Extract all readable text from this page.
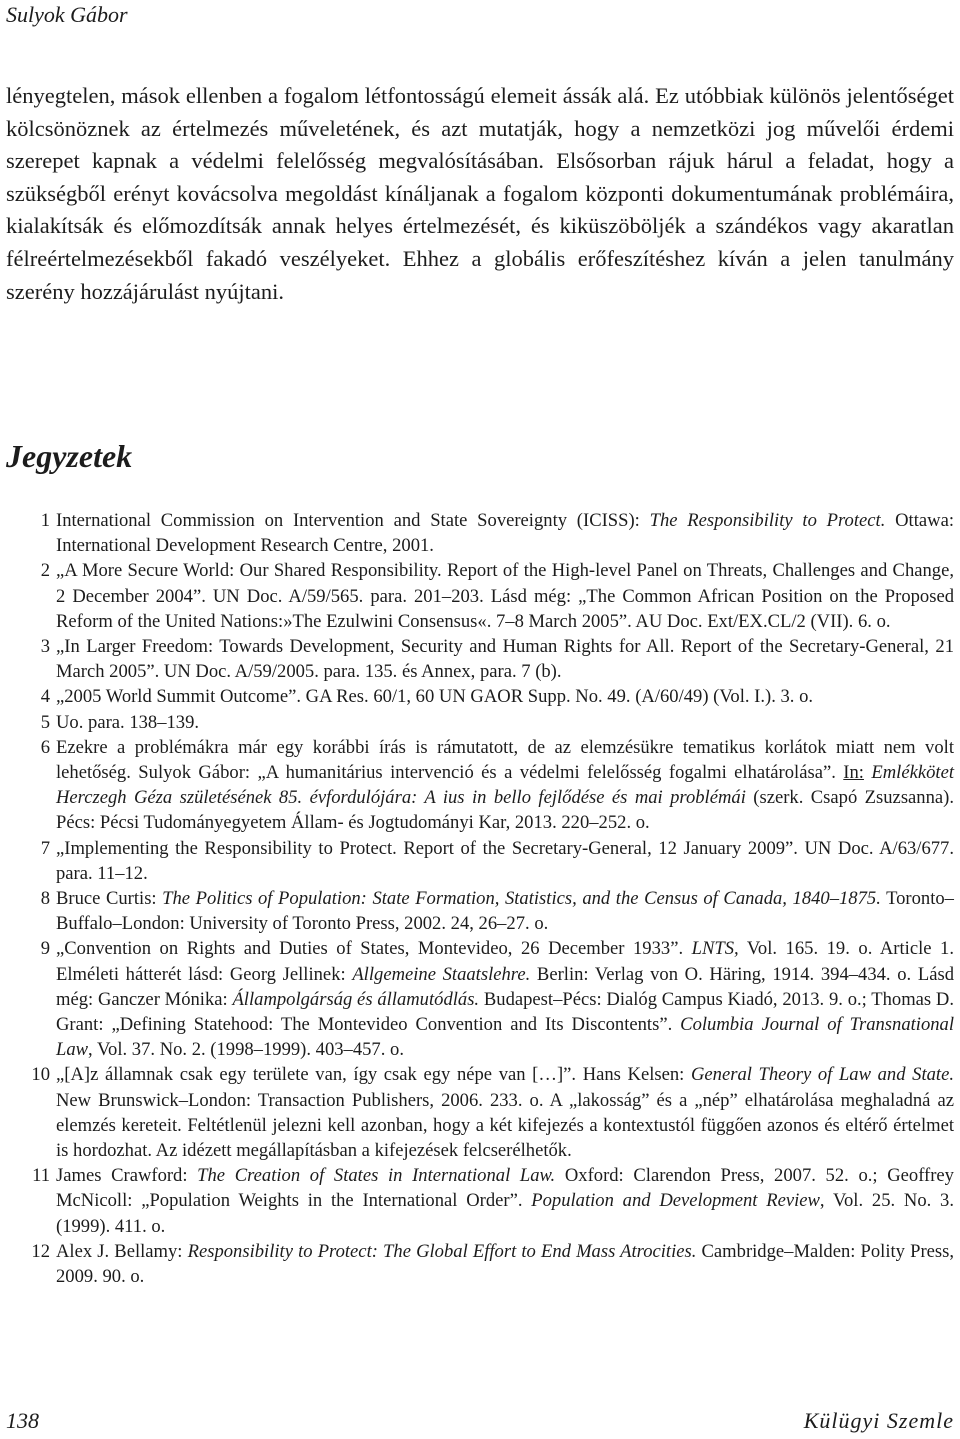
Sulyok Gábor

lényegtelen, mások ellenben a fogalom létfontosságú elemeit ássák alá. Ez utóbbiak különös jelentőséget kölcsönöznek az értelmezés műveletének, és azt mutatják, hogy a nemzetközi jog művelői érdemi szerepet kapnak a védelmi felelősség megvalósításában. Elsősorban rájuk hárul a feladat, hogy a szükségből erényt kovácsolva megoldást kínáljanak a fogalom központi dokumentumának problémáira, kialakítsák és előmozdítsák annak helyes értelmezését, és kiküszöböljék a szándékos vagy akaratlan félreértelmezésekből fakadó veszélyeket. Ehhez a globális erőfeszítéshez kíván a jelen tanulmány szerény hozzájárulást nyújtani.

Jegyzetek
1 International Commission on Intervention and State Sovereignty (ICISS): The Responsibility to Protect. Ottawa: International Development Research Centre, 2001.
2 „A More Secure World: Our Shared Responsibility. Report of the High-level Panel on Threats, Challenges and Change, 2 December 2004”. UN Doc. A/59/565. para. 201–203. Lásd még: „The Common African Position on the Proposed Reform of the United Nations:»The Ezulwini Consensus«. 7–8 March 2005”. AU Doc. Ext/EX.CL/2 (VII). 6. o.
3 „In Larger Freedom: Towards Development, Security and Human Rights for All. Report of the Secretary-General, 21 March 2005”. UN Doc. A/59/2005. para. 135. és Annex, para. 7 (b).
4 „2005 World Summit Outcome”. GA Res. 60/1, 60 UN GAOR Supp. No. 49. (A/60/49) (Vol. I.). 3. o.
5 Uo. para. 138–139.
6 Ezekre a problémákra már egy korábbi írás is rámutatott, de az elemzésükre tematikus korlátok miatt nem volt lehetőség. Sulyok Gábor: „A humanitárius intervenció és a védelmi felelősség fogalmi elhatárolása”. In: Emlékkötet Herczegh Géza születésének 85. évfordulójára: A ius in bello fejlődése és mai problémái (szerk. Csapó Zsuzsanna). Pécs: Pécsi Tudományegyetem Állam- és Jogtudományi Kar, 2013. 220–252. o.
7 „Implementing the Responsibility to Protect. Report of the Secretary-General, 12 January 2009”. UN Doc. A/63/677. para. 11–12.
8 Bruce Curtis: The Politics of Population: State Formation, Statistics, and the Census of Canada, 1840–1875. Toronto–Buffalo–London: University of Toronto Press, 2002. 24, 26–27. o.
9 „Convention on Rights and Duties of States, Montevideo, 26 December 1933”. LNTS, Vol. 165. 19. o. Article 1. Elméleti hátterét lásd: Georg Jellinek: Allgemeine Staatslehre. Berlin: Verlag von O. Häring, 1914. 394–434. o. Lásd még: Ganczer Mónika: Állampolgárság és államutódlás. Budapest–Pécs: Dialóg Campus Kiadó, 2013. 9. o.; Thomas D. Grant: „Defining Statehood: The Montevideo Convention and Its Discontents”. Columbia Journal of Transnational Law, Vol. 37. No. 2. (1998–1999). 403–457. o.
10 „[A]z államnak csak egy területe van, így csak egy népe van […]”. Hans Kelsen: General Theory of Law and State. New Brunswick–London: Transaction Publishers, 2006. 233. o. A „lakosság” és a „nép” elhatárolása meghaladná az elemzés kereteit. Feltétlenül jelezni kell azonban, hogy a két kifejezés a kontextustól függően azonos és eltérő értelmet is hordozhat. Az idézett megállapításban a kifejezések felcserélhetők.
11 James Crawford: The Creation of States in International Law. Oxford: Clarendon Press, 2007. 52. o.; Geoffrey McNicoll: „Population Weights in the International Order”. Population and Development Review, Vol. 25. No. 3. (1999). 411. o.
12 Alex J. Bellamy: Responsibility to Protect: The Global Effort to End Mass Atrocities. Cambridge–Malden: Polity Press, 2009. 90. o.
138	Külügyi Szemle
